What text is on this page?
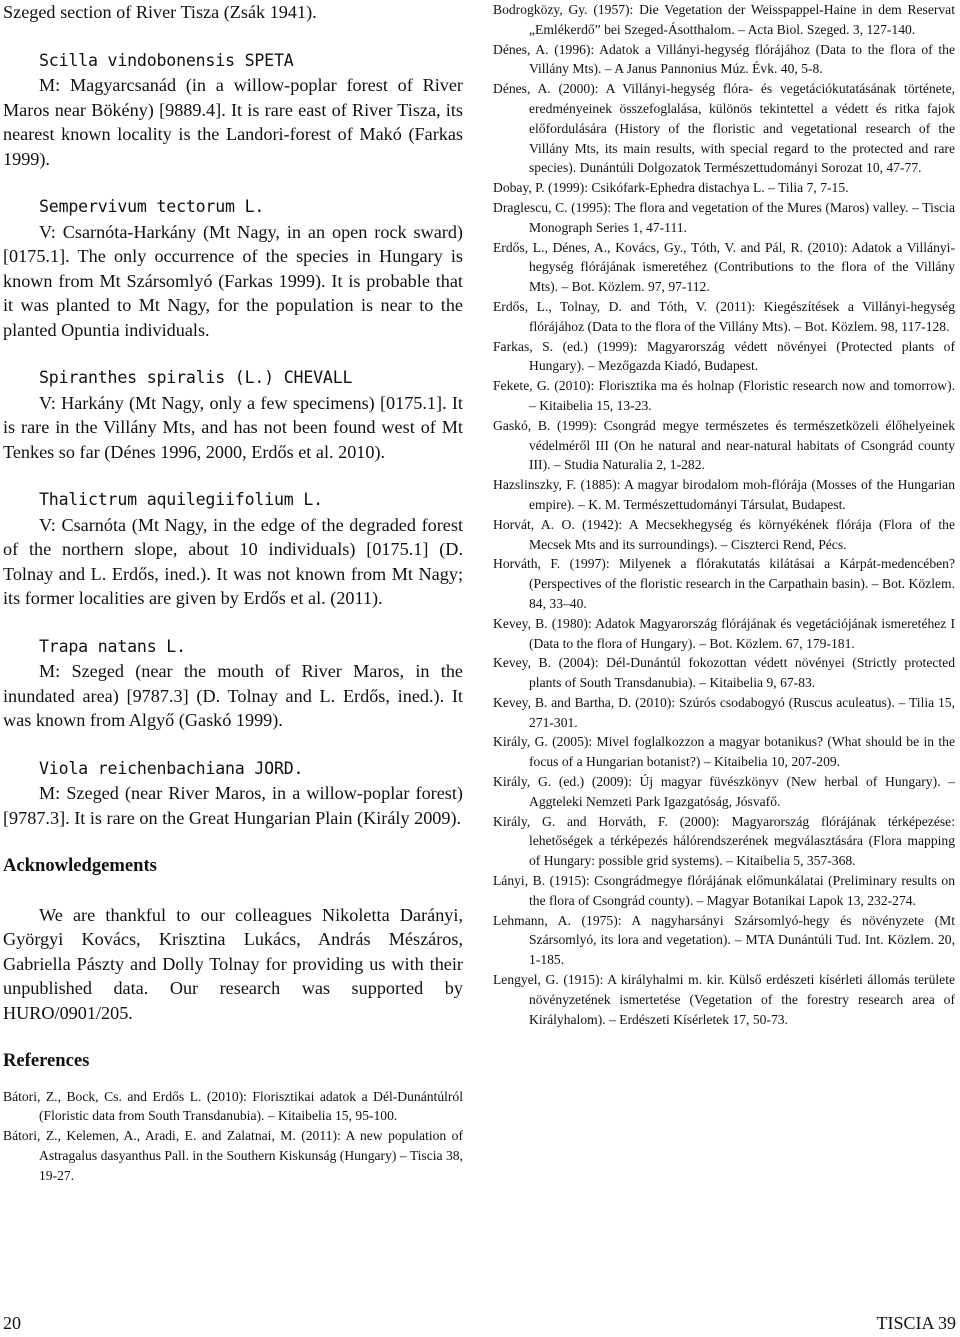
Szeged section of River Tisza (Zsák 1941).

Scilla vindobonensis SPETA

M: Magyarcsanád (in a willow-poplar forest of River Maros near Bökény) [9889.4]. It is rare east of River Tisza, its nearest known locality is the Landori-forest of Makó (Farkas 1999).

Sempervivum tectorum L.

V: Csarnóta-Harkány (Mt Nagy, in an open rock sward) [0175.1]. The only occurrence of the species in Hungary is known from Mt Szársomlyó (Farkas 1999). It is probable that it was planted to Mt Nagy, for the population is near to the planted Opuntia individuals.

Spiranthes spiralis (L.) CHEVALL

V: Harkány (Mt Nagy, only a few specimens) [0175.1]. It is rare in the Villány Mts, and has not been found west of Mt Tenkes so far (Dénes 1996, 2000, Erdős et al. 2010).

Thalictrum aquilegiifolium L.

V: Csarnóta (Mt Nagy, in the edge of the degraded forest of the northern slope, about 10 individuals) [0175.1] (D. Tolnay and L. Erdős, ined.). It was not known from Mt Nagy; its former localities are given by Erdős et al. (2011).

Trapa natans L.

M: Szeged (near the mouth of River Maros, in the inundated area) [9787.3] (D. Tolnay and L. Erdős, ined.). It was known from Algyő (Gaskó 1999).

Viola reichenbachiana JORD.

M: Szeged (near River Maros, in a willow-poplar forest) [9787.3]. It is rare on the Great Hungarian Plain (Király 2009).

Acknowledgements

We are thankful to our colleagues Nikoletta Darányi, Györgyi Kovács, Krisztina Lukács, András Mészáros, Gabriella Pászty and Dolly Tolnay for providing us with their unpublished data. Our research was supported by HURO/0901/205.

References

Bátori, Z., Bock, Cs. and Erdős L. (2010): Florisztikai adatok a Dél-Dunántúlról (Floristic data from South Transdanubia). – Kitaibelia 15, 95-100.

Bátori, Z., Kelemen, A., Aradi, E. and Zalatnai, M. (2011): A new population of Astragalus dasyanthus Pall. in the Southern Kiskunság (Hungary) – Tiscia 38, 19-27.

Bodrogközy, Gy. (1957): Die Vegetation der Weisspappel-Haine in dem Reservat „Emlékerdő” bei Szeged-Ásotthalom. – Acta Biol. Szeged. 3, 127-140.

Dénes, A. (1996): Adatok a Villányi-hegység flórájához (Data to the flora of the Villány Mts). – A Janus Pannonius Múz. Évk. 40, 5-8.

Dénes, A. (2000): A Villányi-hegység flóra- és vegetációkutatásának története, eredményeinek összefoglalása, különös tekintettel a védett és ritka fajok előfordulására (History of the floristic and vegetational research of the Villány Mts, its main results, with special regard to the protected and rare species). Dunántúli Dolgozatok Természettudományi Sorozat 10, 47-77.

Dobay, P. (1999): Csikófark-Ephedra distachya L. – Tilia 7, 7-15.

Draglescu, C. (1995): The flora and vegetation of the Mures (Maros) valley. – Tiscia Monograph Series 1, 47-111.

Erdős, L., Dénes, A., Kovács, Gy., Tóth, V. and Pál, R. (2010): Adatok a Villányi-hegység flórájának ismeretéhez (Contributions to the flora of the Villány Mts). – Bot. Közlem. 97, 97-112.

Erdős, L., Tolnay, D. and Tóth, V. (2011): Kiegészítések a Villányi-hegység flórájához (Data to the flora of the Villány Mts). – Bot. Közlem. 98, 117-128.

Farkas, S. (ed.) (1999): Magyarország védett növényei (Protected plants of Hungary). – Mezőgazda Kiadó, Budapest.

Fekete, G. (2010): Florisztika ma és holnap (Floristic research now and tomorrow). – Kitaibelia 15, 13-23.

Gaskó, B. (1999): Csongrád megye természetes és természetközeli élőhelyeinek védelméről III (On he natural and near-natural habitats of Csongrád county III). – Studia Naturalia 2, 1-282.

Hazslinszky, F. (1885): A magyar birodalom moh-flórája (Mosses of the Hungarian empire). – K. M. Természettudományi Társulat, Budapest.

Horvát, A. O. (1942): A Mecsekhegység és környékének flórája (Flora of the Mecsek Mts and its surroundings). – Ciszterci Rend, Pécs.

Horváth, F. (1997): Milyenek a flórakutatás kilátásai a Kárpát-medencében? (Perspectives of the floristic research in the Carpathain basin). – Bot. Közlem. 84, 33–40.

Kevey, B. (1980): Adatok Magyarország flórájának és vegetációjának ismeretéhez I (Data to the flora of Hungary). – Bot. Közlem. 67, 179-181.

Kevey, B. (2004): Dél-Dunántúl fokozottan védett növényei (Strictly protected plants of South Transdanubia). – Kitaibelia 9, 67-83.

Kevey, B. and Bartha, D. (2010): Szúrós csodabogyó (Ruscus aculeatus). – Tilia 15, 271-301.

Király, G. (2005): Mivel foglalkozzon a magyar botanikus? (What should be in the focus of a Hungarian botanist?) – Kitaibelia 10, 207-209.

Király, G. (ed.) (2009): Új magyar füvészkönyv (New herbal of Hungary). – Aggteleki Nemzeti Park Igazgatóság, Jósvafő.

Király, G. and Horváth, F. (2000): Magyarország flórájának térképezése: lehetőségek a térképezés hálórendszerének megválasztására (Flora mapping of Hungary: possible grid systems). – Kitaibelia 5, 357-368.

Lányi, B. (1915): Csongrádmegye flórájának előmunkálatai (Preliminary results on the flora of Csongrád county). – Magyar Botanikai Lapok 13, 232-274.

Lehmann, A. (1975): A nagyharsányi Szársomlyó-hegy és növényzete (Mt Szársomlyó, its lora and vegetation). – MTA Dunántúli Tud. Int. Közlem. 20, 1-185.

Lengyel, G. (1915): A királyhalmi m. kir. Külső erdészeti kísérleti állomás területe növényzetének ismertetése (Vegetation of the forestry research area of Királyhalom). – Erdészeti Kísérletek 17, 50-73.

20	TISCIA 39
